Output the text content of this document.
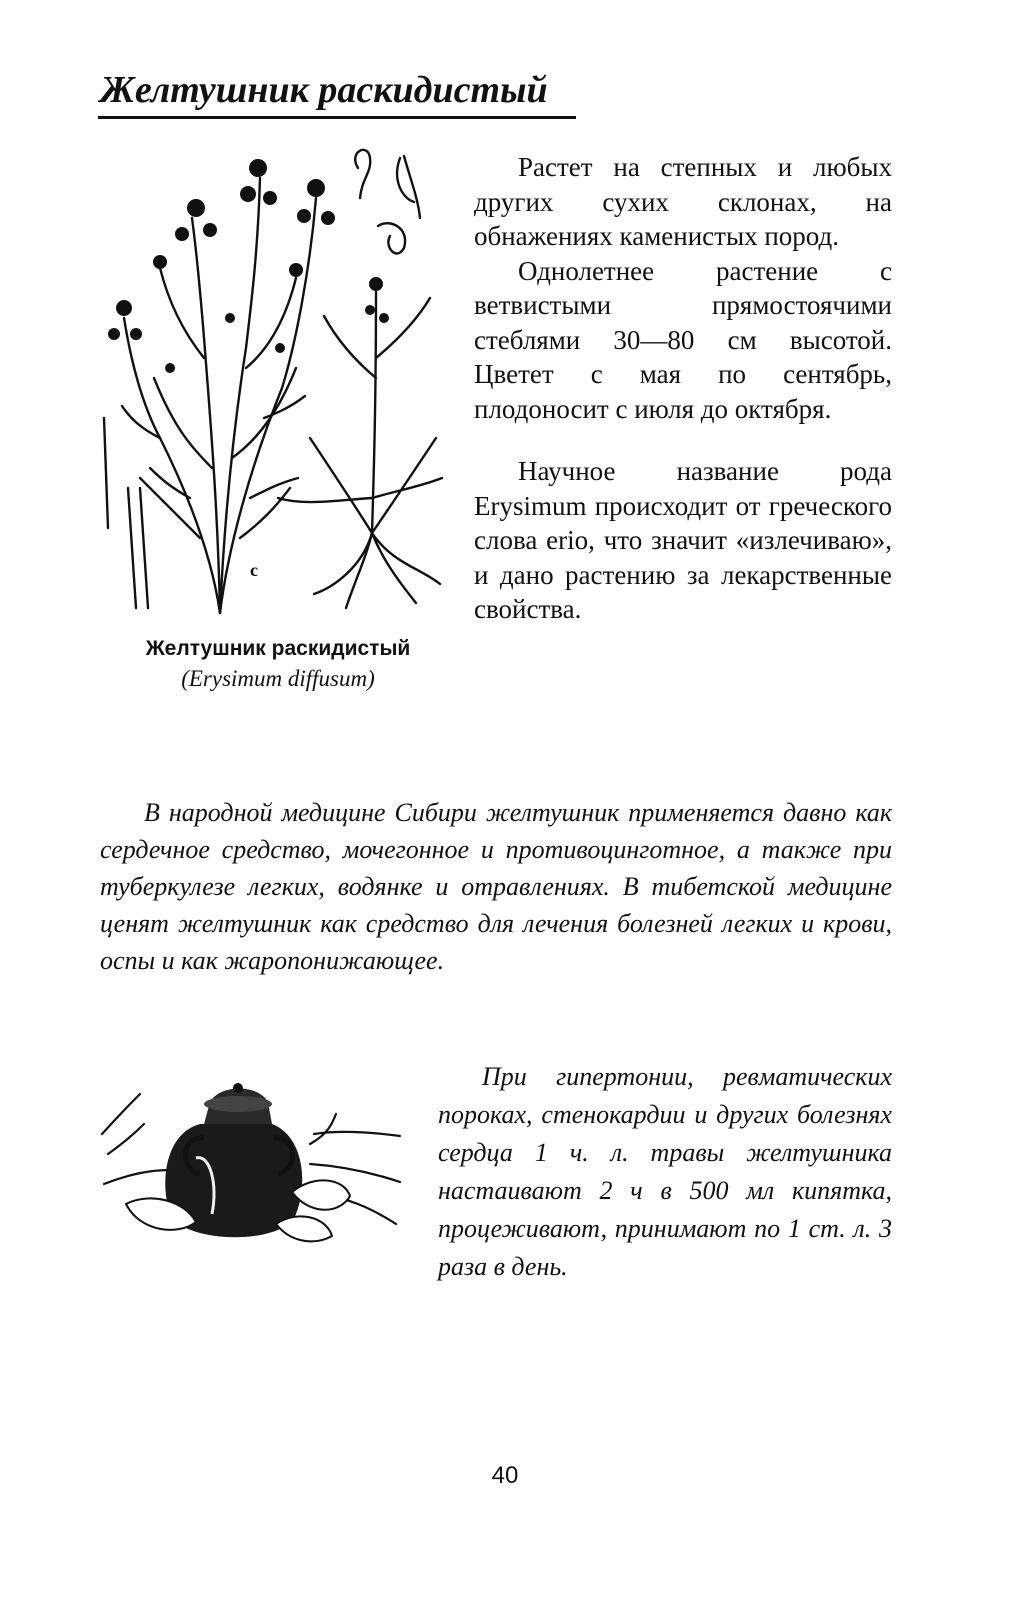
Желтушник раскидистый
c
Желтушник раскидистый
(Erysimum diffusum)

Растет на степных и любых других сухих склонах, на обнажениях каменистых пород.

Однолетнее растение с ветвистыми прямостоячими стеблями 30—80 см высотой. Цветет с мая по сентябрь, плодоносит с июля до октября.

Научное название рода Erysimum происходит от греческого слова erio, что значит «излечиваю», и дано растению за лекарственные свойства.

В народной медицине Сибири желтушник применяется давно как сердечное средство, мочегонное и противоцинготное, а также при туберкулезе легких, водянке и отравлениях. В тибетской медицине ценят желтушник как средство для лечения болезней легких и крови, оспы и как жаропонижающее.

При гипертонии, ревматических пороках, стенокардии и других болезнях сердца 1 ч. л. травы желтушника настаивают 2 ч в 500 мл кипятка, процеживают, принимают по 1 ст. л. 3 раза в день.

40
